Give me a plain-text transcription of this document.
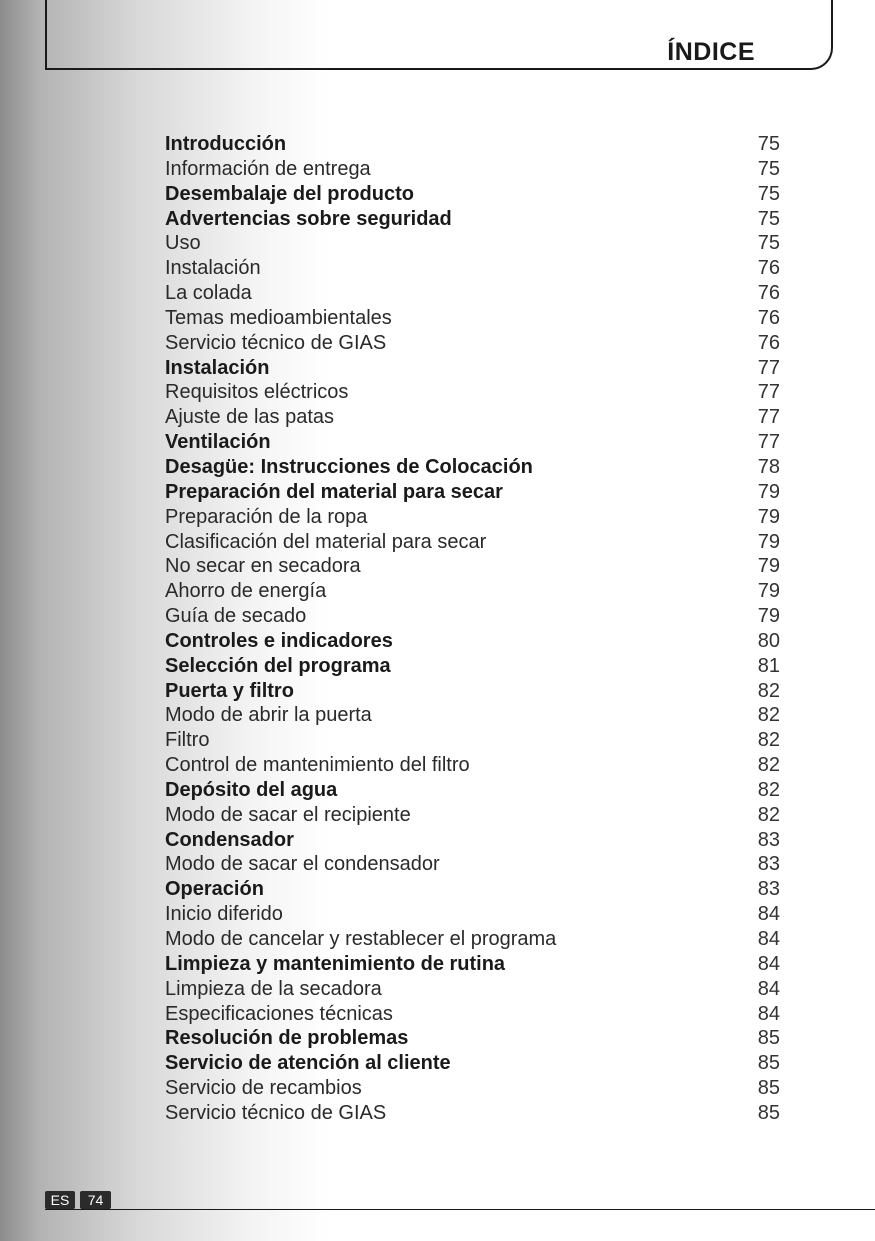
ÍNDICE
Introducción	75
Información de entrega	75
Desembalaje del producto	75
Advertencias sobre seguridad	75
Uso	75
Instalación	76
La colada	76
Temas medioambientales	76
Servicio técnico de GIAS	76
Instalación	77
Requisitos eléctricos	77
Ajuste de las patas	77
Ventilación	77
Desagüe: Instrucciones de Colocación	78
Preparación del material para secar	79
Preparación de la ropa	79
Clasificación del material para secar	79
No secar en secadora	79
Ahorro de energía	79
Guía de secado	79
Controles e indicadores	80
Selección del programa	81
Puerta y filtro	82
Modo de abrir la puerta	82
Filtro	82
Control de mantenimiento del filtro	82
Depósito del agua	82
Modo de sacar el recipiente	82
Condensador	83
Modo de sacar el condensador	83
Operación	83
Inicio diferido	84
Modo de cancelar y restablecer el programa	84
Limpieza y mantenimiento de rutina	84
Limpieza de la secadora	84
Especificaciones técnicas	84
Resolución de problemas	85
Servicio de atención al cliente	85
Servicio de recambios	85
Servicio técnico de GIAS	85
ES	74
